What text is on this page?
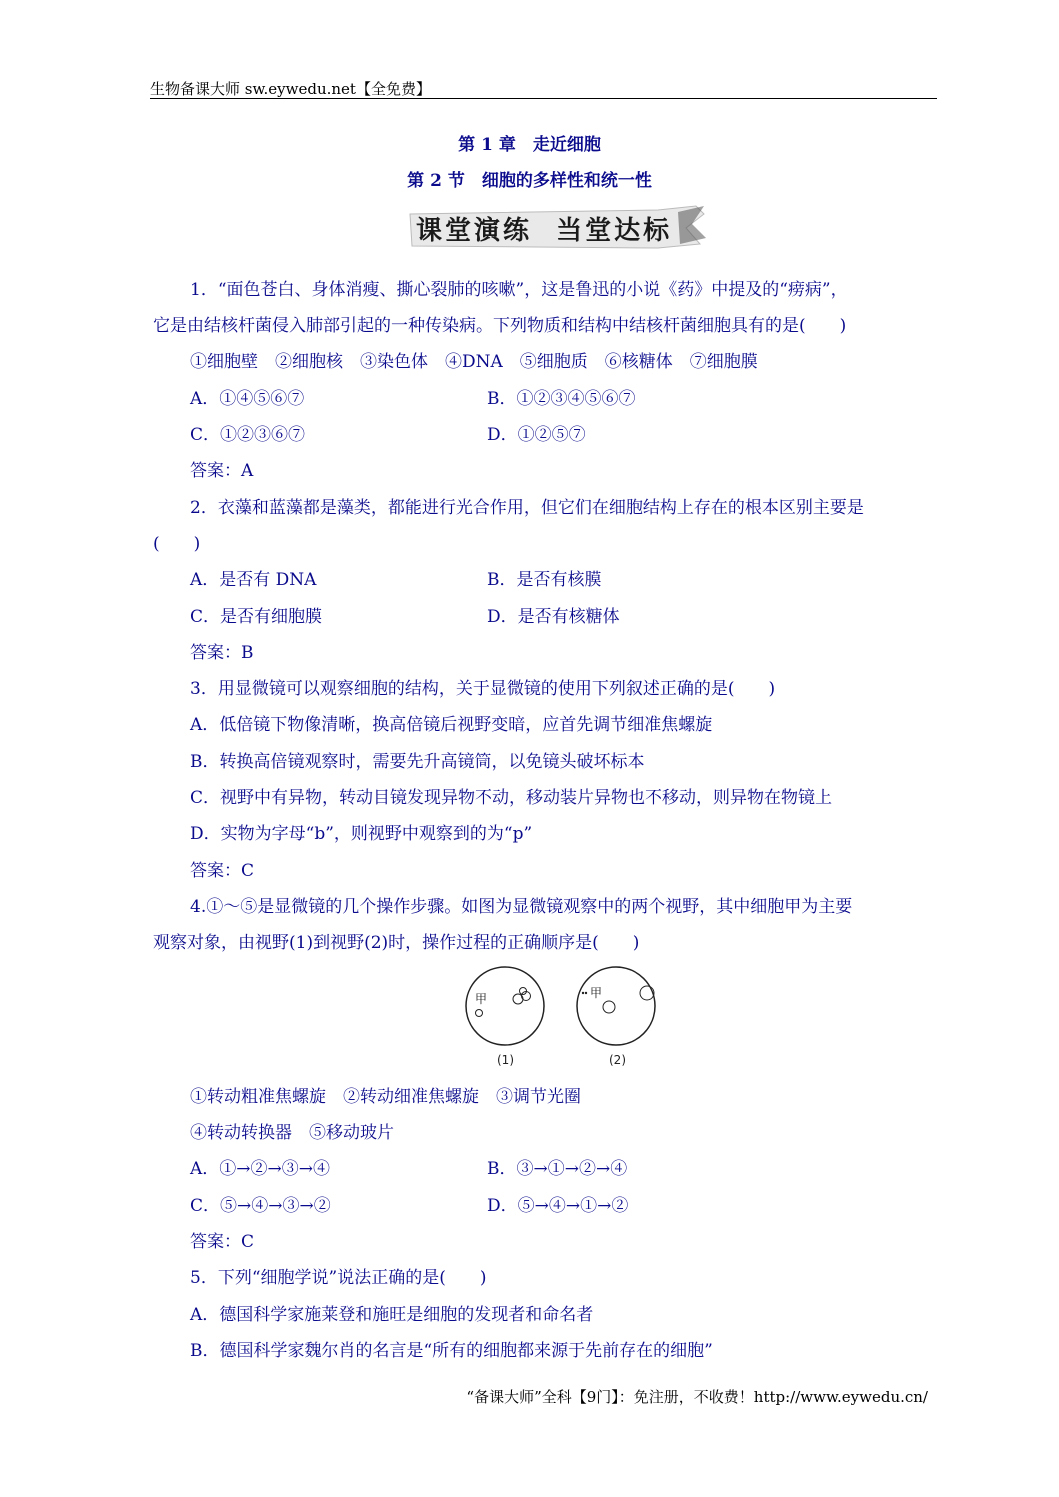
生物备课大师 sw.eywedu.net【全免费】
第 1 章　走近细胞
第 2 节　细胞的多样性和统一性
课堂演练  当堂达标
1．“面色苍白、身体消瘦、撕心裂肺的咳嗽”，这是鲁迅的小说《药》中提及的“痨病”，
它是由结核杆菌侵入肺部引起的一种传染病。下列物质和结构中结核杆菌细胞具有的是(　　)
①细胞壁　②细胞核　③染色体　④DNA　⑤细胞质　⑥核糖体　⑦细胞膜
A．①④⑤⑥⑦	B．①②③④⑤⑥⑦
C．①②③⑥⑦	D．①②⑤⑦
答案：A
2．衣藻和蓝藻都是藻类，都能进行光合作用，但它们在细胞结构上存在的根本区别主要是
(　　)
A．是否有 DNA	B．是否有核膜
C．是否有细胞膜	D．是否有核糖体
答案：B
3．用显微镜可以观察细胞的结构，关于显微镜的使用下列叙述正确的是(　　)
A．低倍镜下物像清晰，换高倍镜后视野变暗，应首先调节细准焦螺旋
B．转换高倍镜观察时，需要先升高镜筒，以免镜头破坏标本
C．视野中有异物，转动目镜发现异物不动，移动装片异物也不移动，则异物在物镜上
D．实物为字母“b”，则视野中观察到的为“p”
答案：C
4.①～⑤是显微镜的几个操作步骤。如图为显微镜观察中的两个视野，其中细胞甲为主要
观察对象，由视野(1)到视野(2)时，操作过程的正确顺序是(　　)
甲
(1)
甲
(2)
①转动粗准焦螺旋　②转动细准焦螺旋　③调节光圈
④转动转换器　⑤移动玻片
A．①→②→③→④	B．③→①→②→④
C．⑤→④→③→②	D．⑤→④→①→②
答案：C
5．下列“细胞学说”说法正确的是(　　)
A．德国科学家施莱登和施旺是细胞的发现者和命名者
B．德国科学家魏尔肖的名言是“所有的细胞都来源于先前存在的细胞”
“备课大师”全科【9门】：免注册，不收费！http://www.eywedu.cn/
